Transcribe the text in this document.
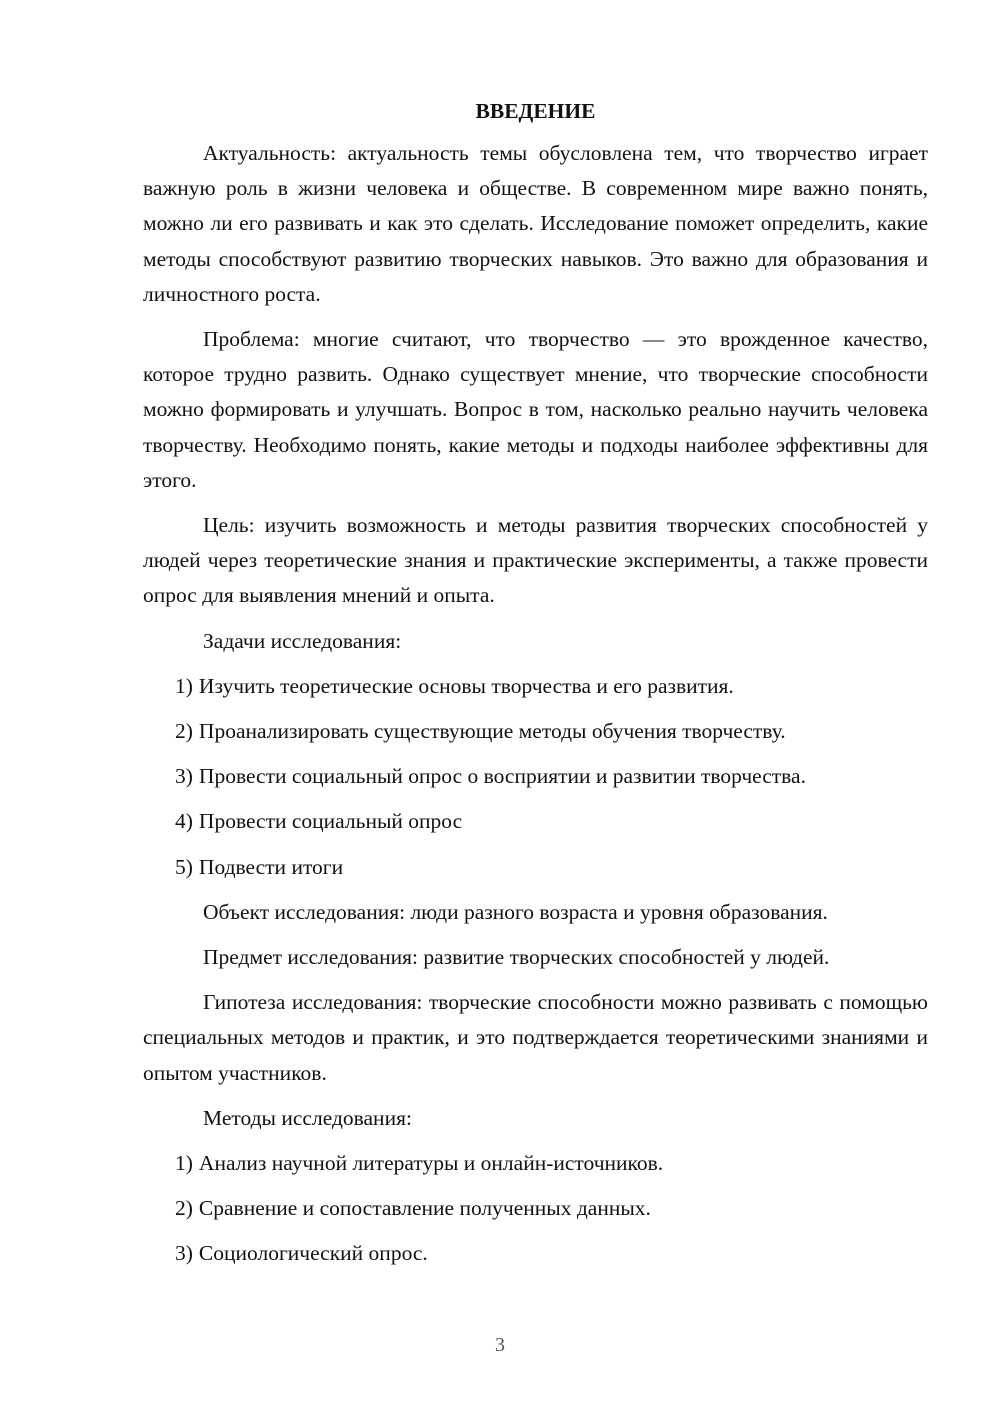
ВВЕДЕНИЕ

Актуальность: актуальность темы обусловлена тем, что творчество играет важную роль в жизни человека и обществе. В современном мире важно понять, можно ли его развивать и как это сделать. Исследование поможет определить, какие методы способствуют развитию творческих навыков. Это важно для образования и личностного роста.

Проблема: многие считают, что творчество — это врожденное качество, которое трудно развить. Однако существует мнение, что творческие способности можно формировать и улучшать. Вопрос в том, насколько реально научить человека творчеству. Необходимо понять, какие методы и подходы наиболее эффективны для этого.

Цель: изучить возможность и методы развития творческих способностей у людей через теоретические знания и практические эксперименты, а также провести опрос для выявления мнений и опыта.

Задачи исследования:

1) Изучить теоретические основы творчества и его развития.
2) Проанализировать существующие методы обучения творчеству.
3) Провести социальный опрос о восприятии и развитии творчества.
4) Провести социальный опрос
5) Подвести итоги

Объект исследования: люди разного возраста и уровня образования.

Предмет исследования: развитие творческих способностей у людей.

Гипотеза исследования: творческие способности можно развивать с помощью специальных методов и практик, и это подтверждается теоретическими знаниями и опытом участников.

Методы исследования:

1) Анализ научной литературы и онлайн-источников.
2) Сравнение и сопоставление полученных данных.
3) Социологический опрос.
3
